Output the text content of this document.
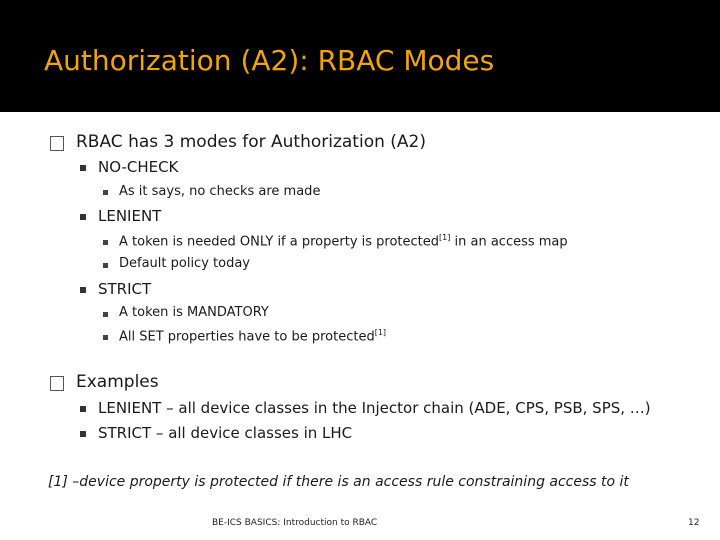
Authorization (A2): RBAC Modes
RBAC has 3 modes for Authorization (A2)
NO-CHECK
As it says, no checks are made
LENIENT
A token is needed ONLY if a property is protected[1] in an access map
Default policy today
STRICT
A token is MANDATORY
All SET properties have to be protected[1]
Examples
LENIENT – all device classes in the Injector chain (ADE, CPS, PSB, SPS, …)
STRICT – all device classes in LHC
[1] –device property is protected if there is an access rule constraining access to it
BE-ICS BASICS: Introduction to RBAC	12
